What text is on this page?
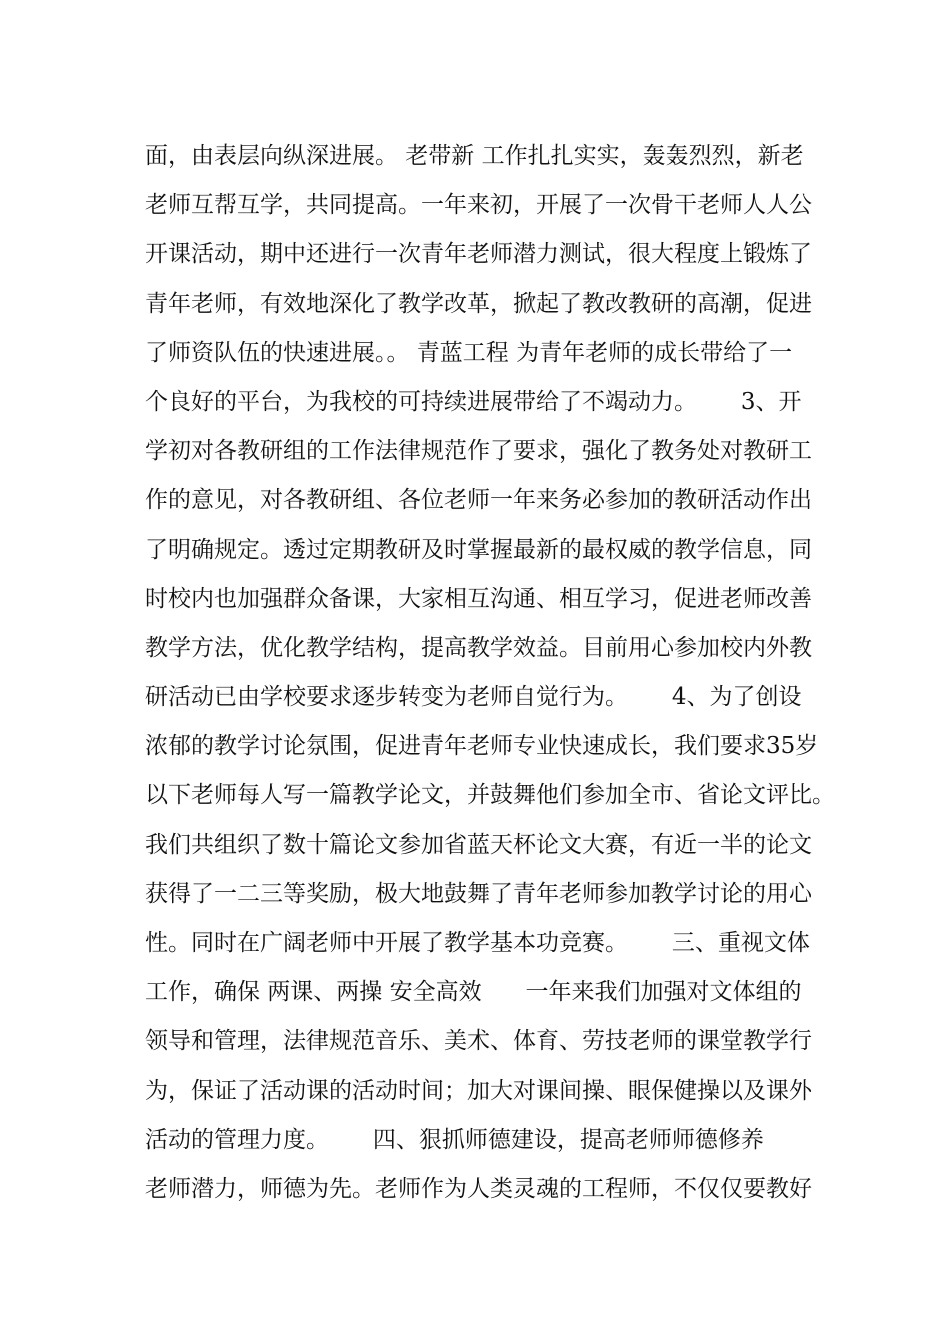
面，由表层向纵深进展。 老带新 工作扎扎实实，轰轰烈烈，新老
老师互帮互学，共同提高。一年来初，开展了一次骨干老师人人公
开课活动，期中还进行一次青年老师潜力测试，很大程度上锻炼了
青年老师，有效地深化了教学改革，掀起了教改教研的高潮，促进
了师资队伍的快速进展。。 青蓝工程 为青年老师的成长带给了一
个良好的平台，为我校的可持续进展带给了不竭动力。      3、开
学初对各教研组的工作法律规范作了要求，强化了教务处对教研工
作的意见，对各教研组、各位老师一年来务必参加的教研活动作出
了明确规定。透过定期教研及时掌握最新的最权威的教学信息，同
时校内也加强群众备课，大家相互沟通、相互学习，促进老师改善
教学方法，优化教学结构，提高教学效益。目前用心参加校内外教
研活动已由学校要求逐步转变为老师自觉行为。      4、为了创设
浓郁的教学讨论氛围，促进青年老师专业快速成长，我们要求35岁
以下老师每人写一篇教学论文，并鼓舞他们参加全市、省论文评比。
我们共组织了数十篇论文参加省蓝天杯论文大赛，有近一半的论文
获得了一二三等奖励，极大地鼓舞了青年老师参加教学讨论的用心
性。同时在广阔老师中开展了教学基本功竞赛。      三、重视文体
工作，确保 两课、两操 安全高效      一年来我们加强对文体组的
领导和管理，法律规范音乐、美术、体育、劳技老师的课堂教学行
为，保证了活动课的活动时间；加大对课间操、眼保健操以及课外
活动的管理力度。      四、狠抓师德建设，提高老师师德修养
老师潜力，师德为先。老师作为人类灵魂的工程师，不仅仅要教好
